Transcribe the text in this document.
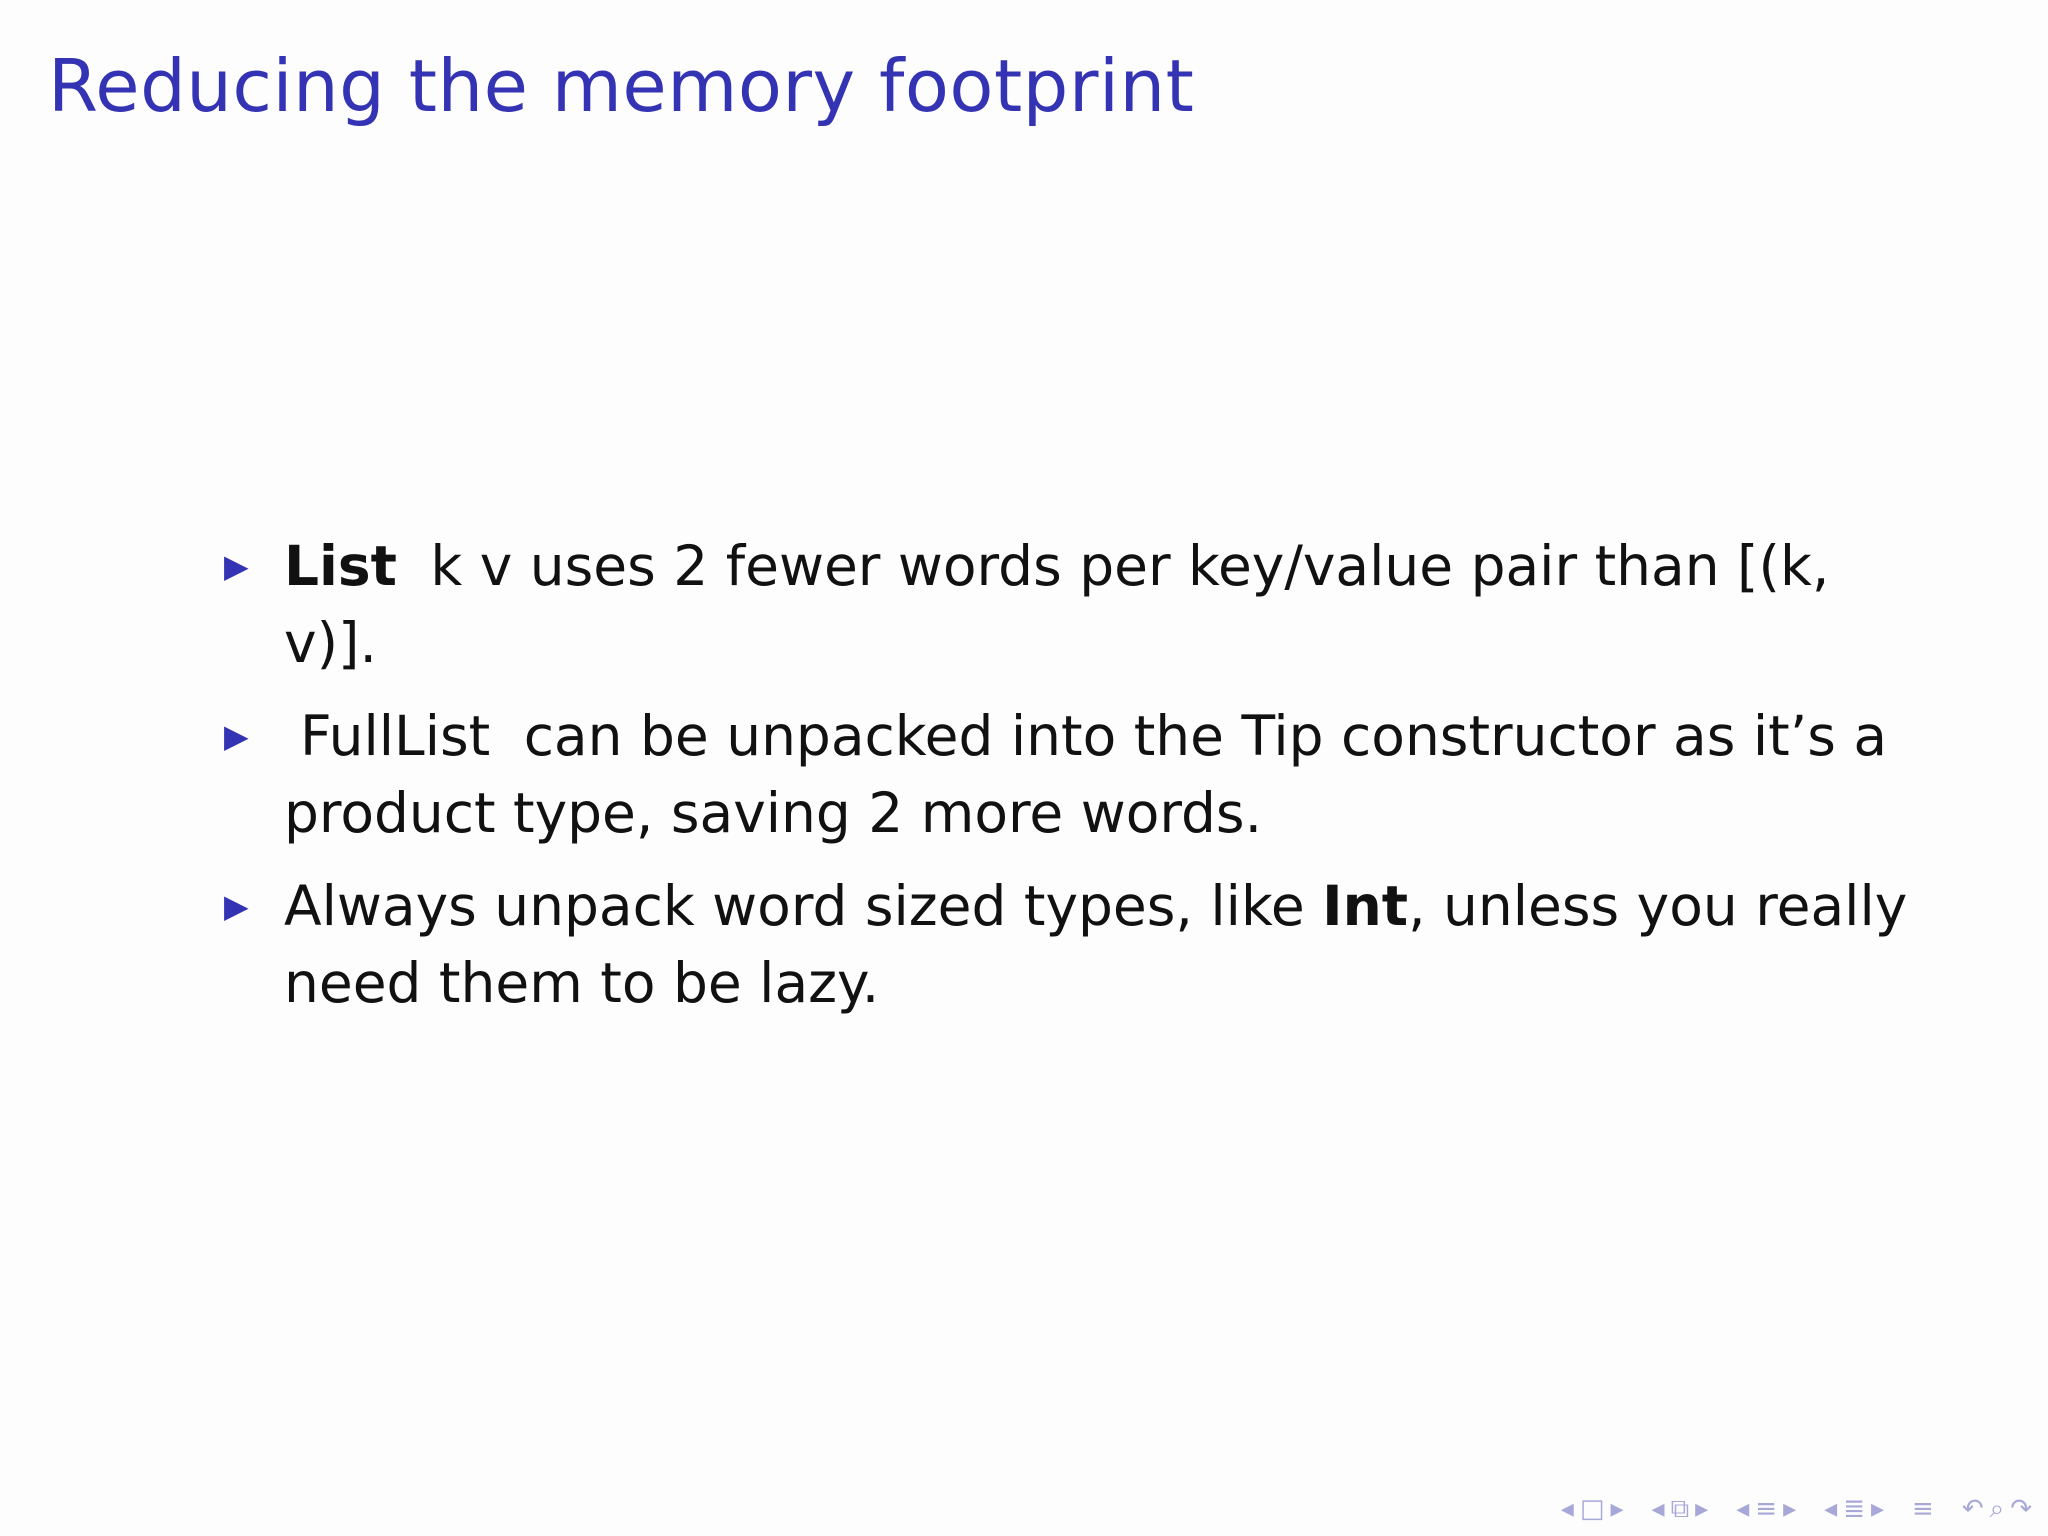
Reducing the memory footprint
▶ List k v uses 2 fewer words per key/value pair than [(k,v)].
▶ FullList can be unpacked into the Tip constructor as it’s a product type, saving 2 more words.
▶ Always unpack word sized types, like Int, unless you really need them to be lazy.
◂ □ ▸ ◂ ⧉ ▸ ◂ ≡ ▸ ◂ ≣ ▸ ≡ ↶ ⌕ ↷
